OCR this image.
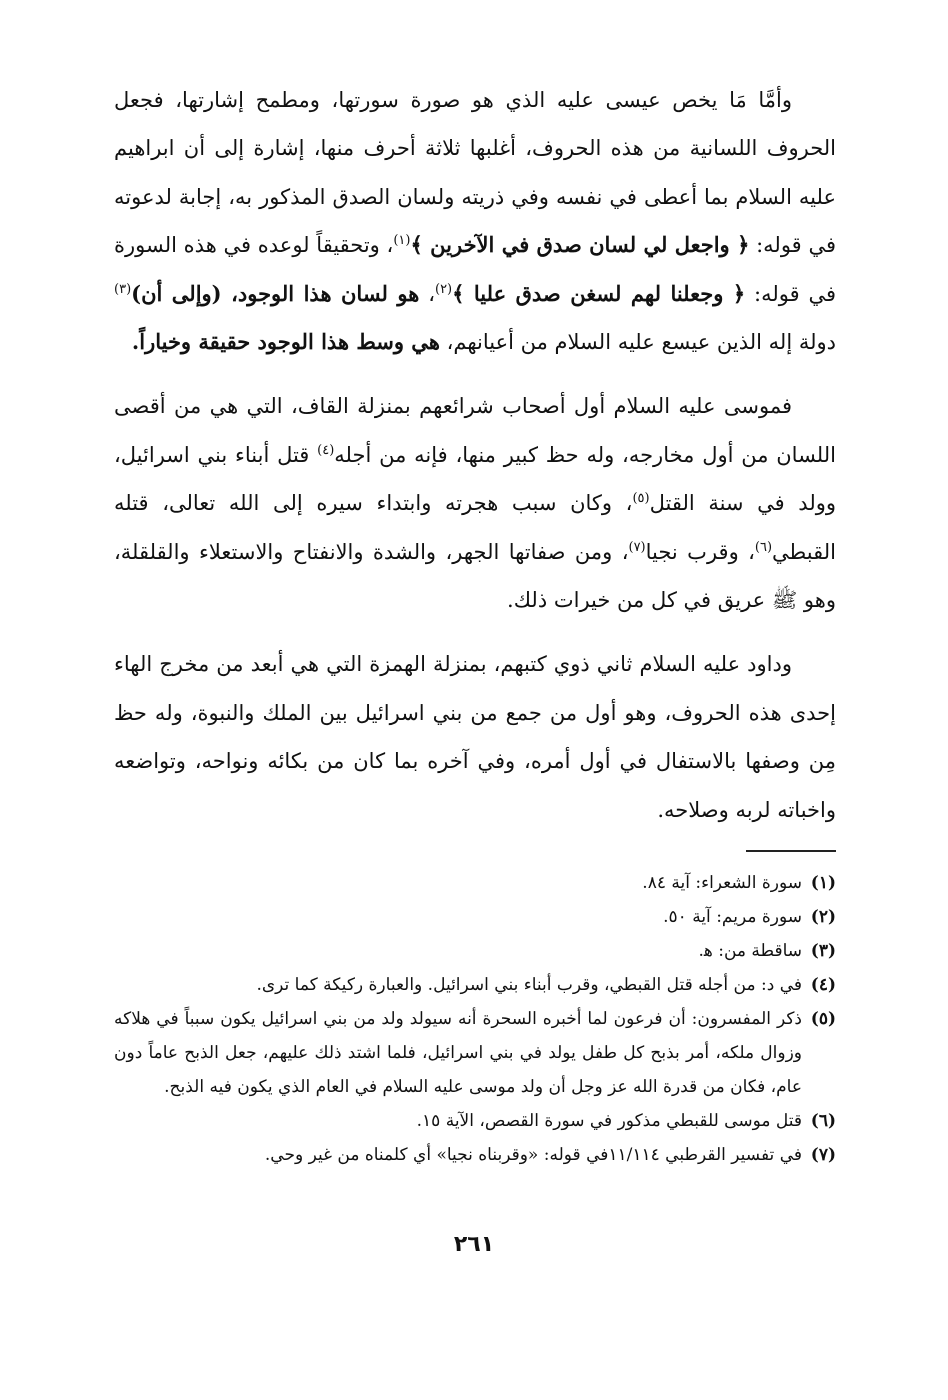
وأمَّا مَا يخص عيسى عليه الذي هو صورة سورتها، ومطمح إشارتها، فجعل الحروف اللسانية من هذه الحروف، أغلبها ثلاثة أحرف منها، إشارة إلى أن ابراهيم عليه السلام بما أعطى في نفسه وفي ذريته ولسان الصدق المذكور به، إجابة لدعوته في قوله: ﴿ واجعل لي لسان صدق في الآخرين ﴾$^{(١)}$، وتحقيقاً لوعده في هذه السورة في قوله: ﴿ وجعلنا لهم لسغن صدق عليا ﴾$^{(٢)}$، هو لسان هذا الوجود، (وإلى أن)$^{(٣)}$ دولة إله الذين عيسع عليه السلام من أعيانهم، هي وسط هذا الوجود حقيقة وخياراً.

فموسى عليه السلام أول أصحاب شرائعهم بمنزلة القاف، التي هي من أقصى اللسان من أول مخارجه، وله حظ كبير منها، فإنه من أجله$^{(٤)}$ قتل أبناء بني اسرائيل، وولد في سنة القتل$^{(٥)}$، وكان سبب هجرته وابتداء سيره إلى الله تعالى، قتله القبطي$^{(٦)}$، وقرب نجيا$^{(٧)}$، ومن صفاتها الجهر، والشدة والانفتاح والاستعلاء والقلقلة، وهو ﷺ عريق في كل من خيرات ذلك.

وداود عليه السلام ثاني ذوي كتبهم، بمنزلة الهمزة التي هي أبعد من مخرج الهاء إحدى هذه الحروف، وهو أول من جمع من بني اسرائيل بين الملك والنبوة، وله حظ مِن وصفها بالاستفال في أول أمره، وفي آخره بما كان من بكائه ونواحه، وتواضعه واخباته لربه وصلاحه.

(١)
سورة الشعراء: آية ٨٤.
(٢)
سورة مريم: آية ٥٠.
(٣)
ساقطة من: ﻫ.
(٤)
في د: من أجله قتل القبطي، وقرب أبناء بني اسرائيل. والعبارة ركيكة كما ترى.
(٥)
ذكر المفسرون: أن فرعون لما أخبره السحرة أنه سيولد ولد من بني اسرائيل يكون سبباً في هلاكه وزوال ملكه، أمر بذبح كل طفل يولد في بني اسرائيل، فلما اشتد ذلك عليهم، جعل الذبح عاماً دون عام، فكان من قدرة الله عز وجل أن ولد موسى عليه السلام في العام الذي يكون فيه الذبح.
(٦)
قتل موسى للقبطي مذكور في سورة القصص، الآية ١٥.
(٧)
في تفسير القرطبي ١١/١١٤في قوله: «وقربناه نجيا» أي كلمناه من غير وحي.
٢٦١
